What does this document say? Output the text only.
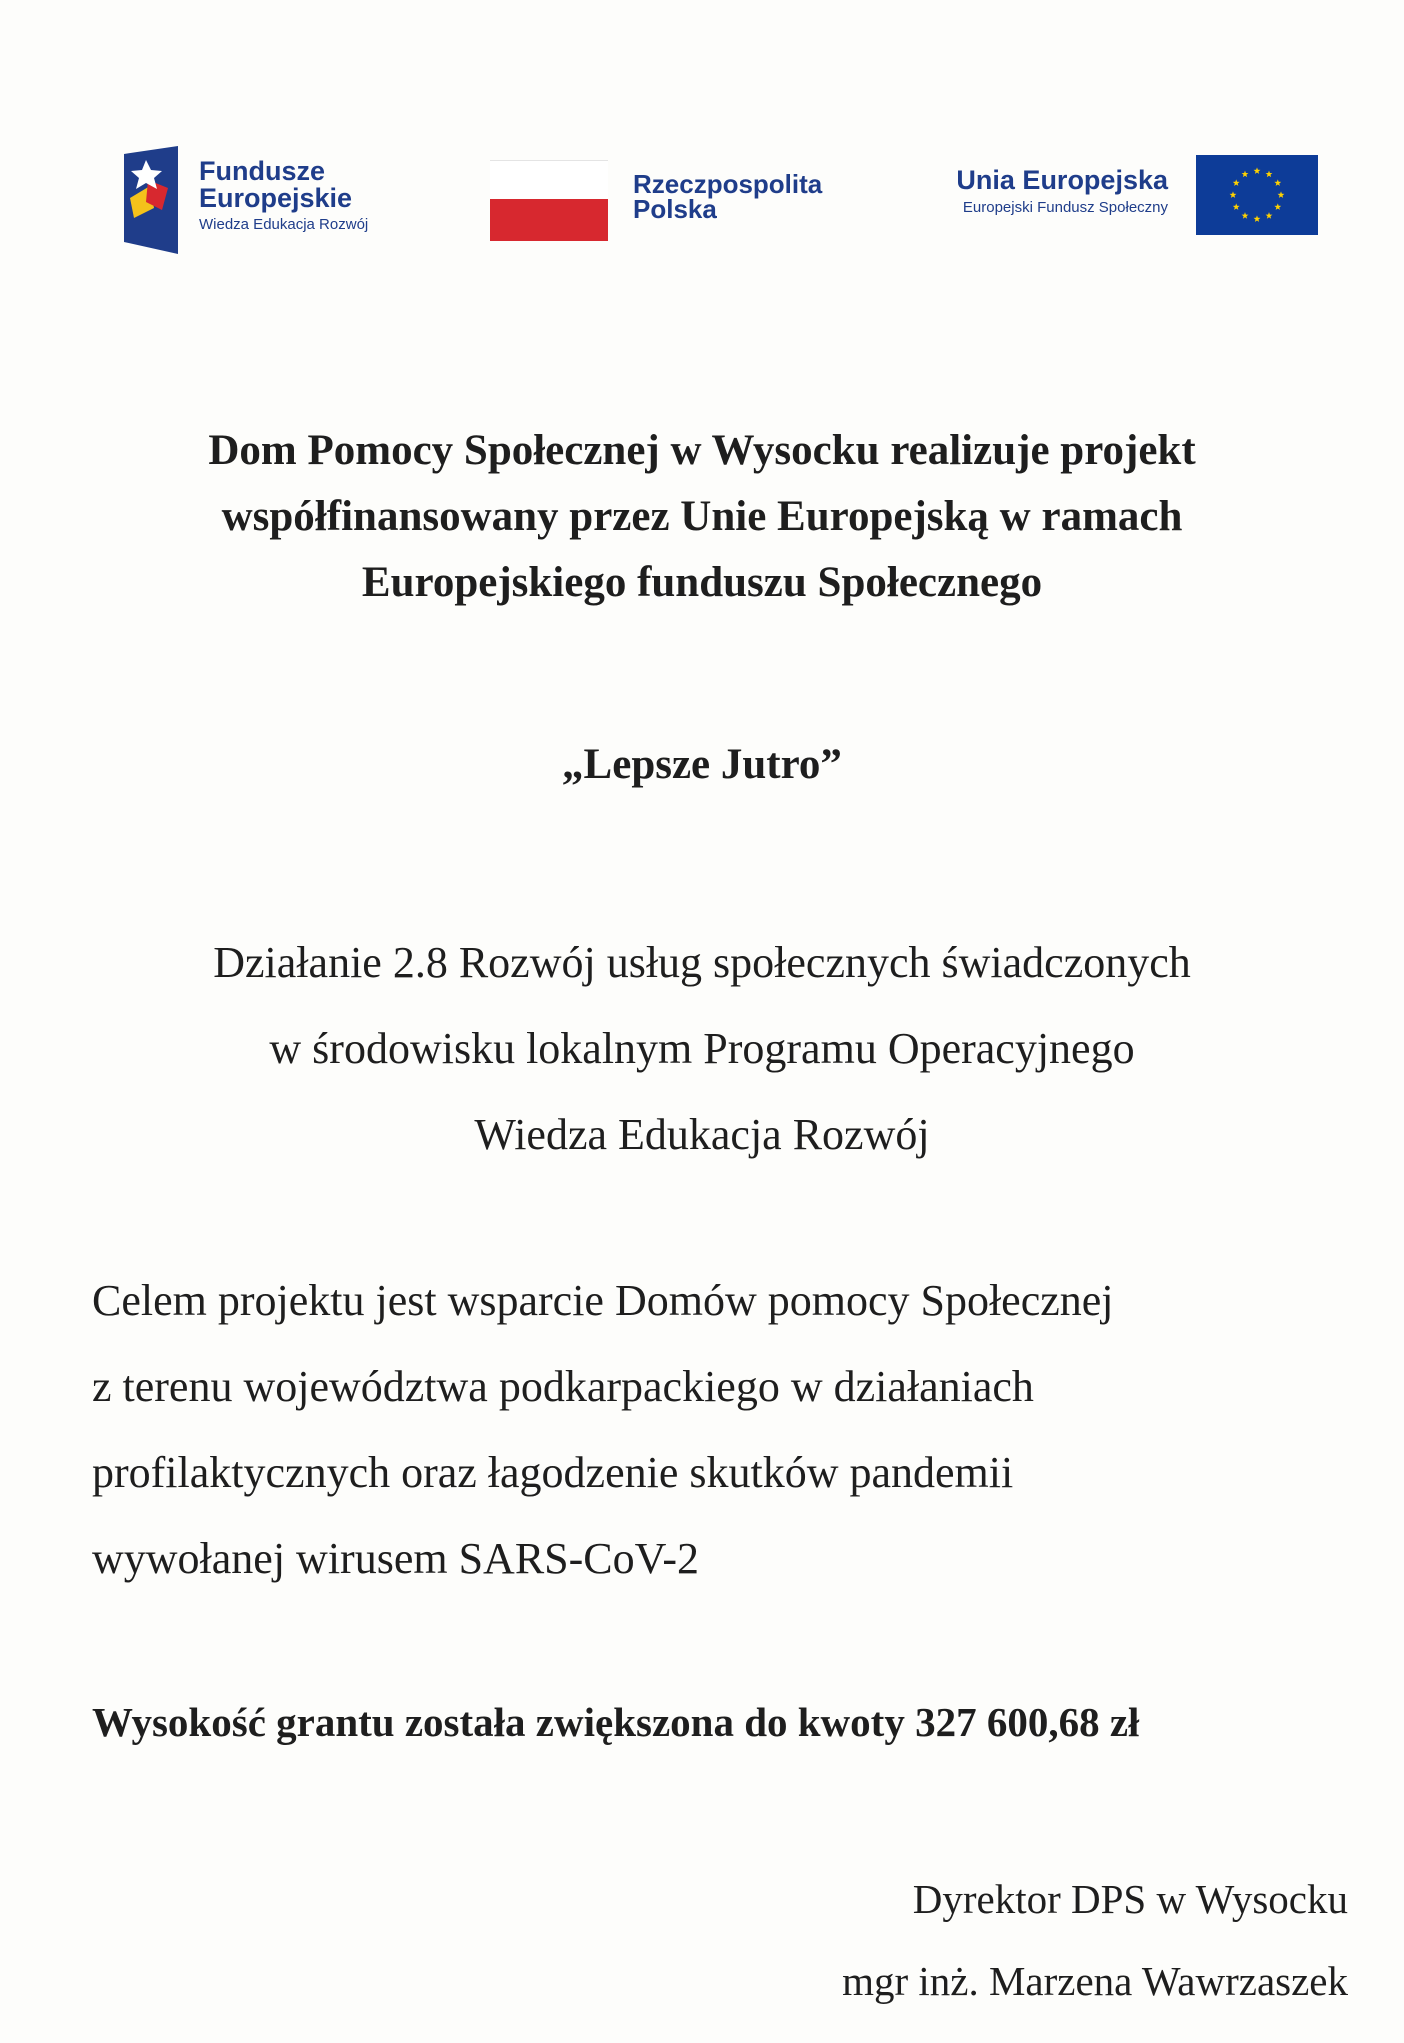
Fundusze
Europejskie
Wiedza Edukacja Rozwój
Rzeczpospolita
Polska
Unia Europejska
Europejski Fundusz Społeczny
Dom Pomocy Społecznej w Wysocku realizuje projekt
współfinansowany przez Unie Europejską w ramach
Europejskiego funduszu Społecznego
„Lepsze Jutro”
Działanie 2.8 Rozwój usług społecznych świadczonych
w środowisku lokalnym Programu Operacyjnego
Wiedza Edukacja Rozwój
Celem projektu jest wsparcie Domów pomocy Społecznej
z terenu województwa podkarpackiego w działaniach
profilaktycznych oraz łagodzenie skutków pandemii
wywołanej wirusem SARS-CoV-2
Wysokość grantu została zwiększona do kwoty 327 600,68 zł
Dyrektor DPS w Wysocku
mgr inż. Marzena Wawrzaszek
